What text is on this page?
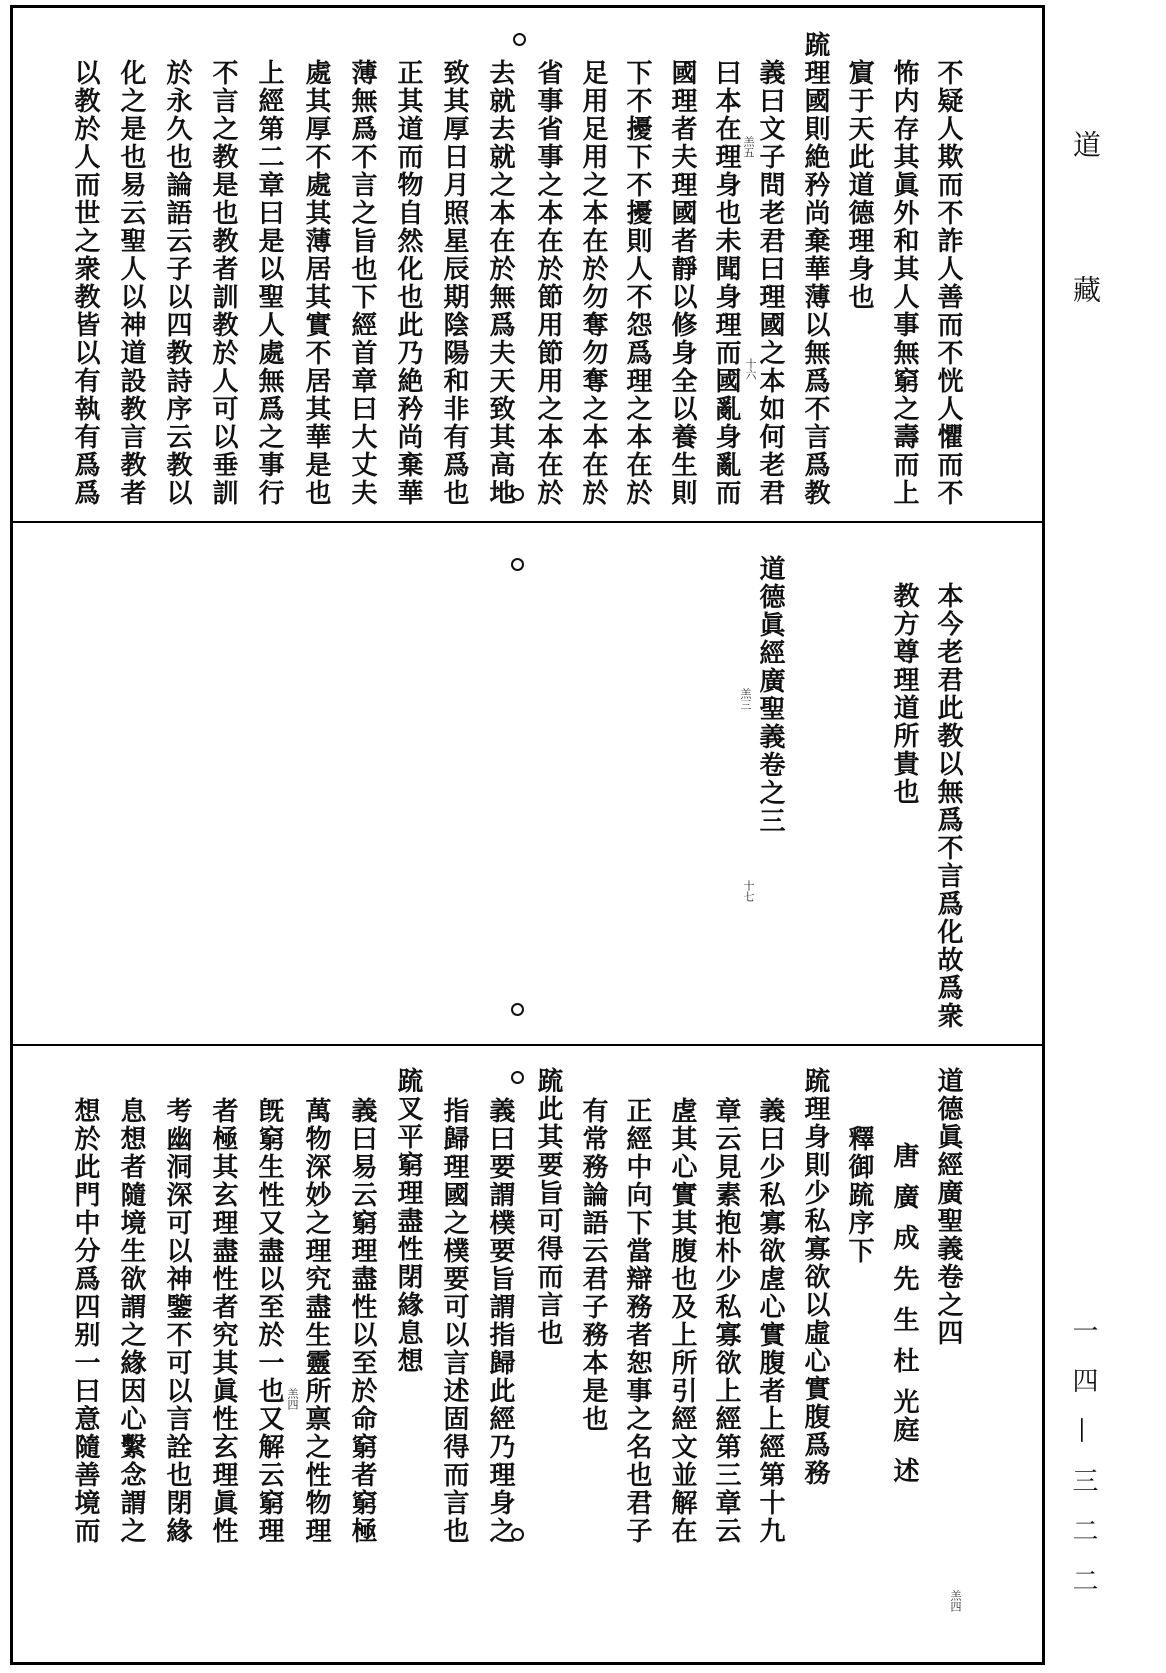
道
藏
一四—三二二
不疑人欺而不詐人善而不恍人懼而不
怖内存其眞外和其人事無窮之壽而上
賔于天此道德理身也
䟽理國則絶矜尚棄華薄以無爲不言爲教
義曰文子問老君曰理國之本如何老君
曰本在理身也未聞身理而國亂身亂而
國理者夫理國者靜以修身全以養生則
下不擾下不擾則人不怨爲理之本在於
足用足用之本在於勿奪勿奪之本在於
省事省事之本在於節用節用之本在於
去就去就之本在於無爲夫天致其高地
致其厚日月照星辰期陰陽和非有爲也
正其道而物自然化也此乃絶矜尚棄華
薄無爲不言之旨也下經首章曰大丈夫
處其厚不處其薄居其實不居其華是也
上經第二章曰是以聖人處無爲之事行
不言之教是也教者訓教於人可以垂訓
於永久也論語云子以四教詩序云教以
化之是也易云聖人以神道設教言教者
以教於人而世之衆教皆以有執有爲爲	羔五
十六
本今老君此教以無爲不言爲化故爲衆
教方尊理道所貴也
道德眞經廣聖義卷之三
羔三
十七
道德眞經廣聖義卷之四
唐 廣 成 先 生 杜 光庭 述
釋御䟽序下
䟽理身則少私寡欲以虛心實腹爲務
義曰少私寡欲虗心實腹者上經第十九
章云見素抱朴少私寡欲上經第三章云
虗其心實其腹也及上所引經文並解在
正經中向下當辯務者恕事之名也君子
有常務論語云君子務本是也
䟽此其要旨可得而言也
義曰要謂樸要旨謂指歸此經乃理身之
指歸理國之樸要可以言述固得而言也
䟽叉平窮理盡性閉緣息想
義曰易云窮理盡性以至於命窮者窮極
萬物深妙之理究盡生靈所禀之性物理
旣窮生性又盡以至於一也又解云窮理
者極其玄理盡性者究其眞性玄理眞性
考幽洞深可以神鑒不可以言詮也閉緣
息想者隨境生欲謂之緣因心繫念謂之
想於此門中分爲四别一曰意隨善境而
羔四
羔四
